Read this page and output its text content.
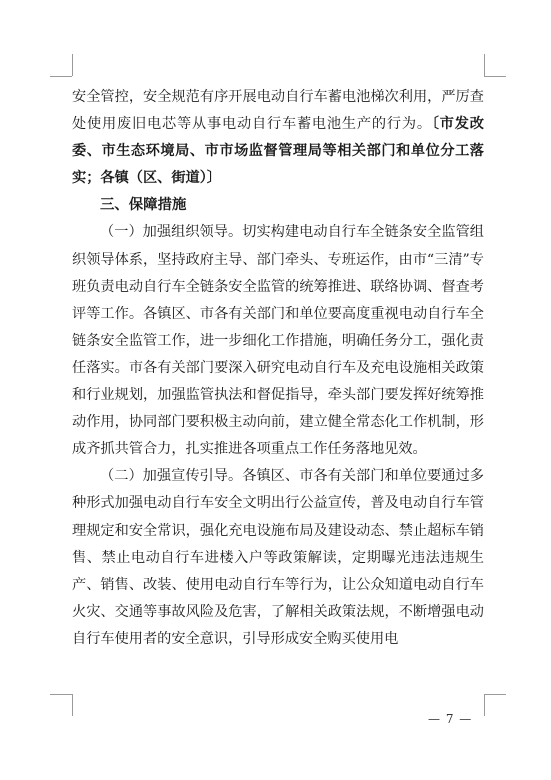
安全管控，安全规范有序开展电动自行车蓄电池梯次利用，严厉查处使用废旧电芯等从事电动自行车蓄电池生产的行为。〔市发改委、市生态环境局、市市场监督管理局等相关部门和单位分工落实；各镇（区、街道）〕

三、保障措施

（一）加强组织领导。切实构建电动自行车全链条安全监管组织领导体系，坚持政府主导、部门牵头、专班运作，由市“三清”专班负责电动自行车全链条安全监管的统筹推进、联络协调、督查考评等工作。各镇区、市各有关部门和单位要高度重视电动自行车全链条安全监管工作，进一步细化工作措施，明确任务分工，强化责任落实。市各有关部门要深入研究电动自行车及充电设施相关政策和行业规划，加强监管执法和督促指导，牵头部门要发挥好统筹推动作用，协同部门要积极主动向前，建立健全常态化工作机制，形成齐抓共管合力，扎实推进各项重点工作任务落地见效。

（二）加强宣传引导。各镇区、市各有关部门和单位要通过多种形式加强电动自行车安全文明出行公益宣传，普及电动自行车管理规定和安全常识，强化充电设施布局及建设动态、禁止超标车销售、禁止电动自行车进楼入户等政策解读，定期曝光违法违规生产、销售、改装、使用电动自行车等行为，让公众知道电动自行车火灾、交通等事故风险及危害，了解相关政策法规，不断增强电动自行车使用者的安全意识，引导形成安全购买使用电

— 7 —
